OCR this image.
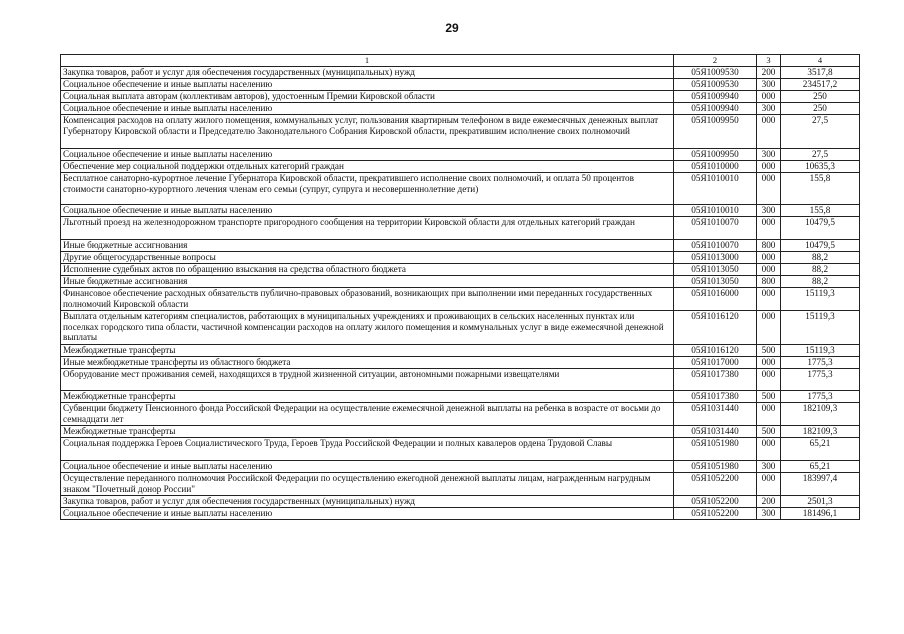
29
1	2	3	4
Закупка товаров, работ и услуг для обеспечения государственных (муниципальных) нужд	05Я1009530	200	3517,8
Социальное обеспечение и иные выплаты населению	05Я1009530	300	234517,2
Социальная выплата авторам (коллективам авторов), удостоенным Премии Кировской области	05Я1009940	000	250
Социальное обеспечение и иные выплаты населению	05Я1009940	300	250
Компенсация расходов на оплату жилого помещения, коммунальных услуг, пользования квартирным телефоном в виде ежемесячных денежных выплат Губернатору Кировской области и Председателю Законодательного Собрания Кировской области, прекратившим исполнение своих полномочий	05Я1009950	000	27,5
Социальное обеспечение и иные выплаты населению	05Я1009950	300	27,5
Обеспечение мер социальной поддержки отдельных категорий граждан	05Я1010000	000	10635,3
Бесплатное санаторно-курортное лечение Губернатора Кировской области, прекратившего исполнение своих полномочий, и оплата 50 процентов стоимости санаторно-курортного лечения членам его семьи (супруг, супруга и несовершеннолетние дети)	05Я1010010	000	155,8
Социальное обеспечение и иные выплаты населению	05Я1010010	300	155,8
Льготный проезд на железнодорожном транспорте пригородного сообщения на территории Кировской области для отдельных категорий граждан	05Я1010070	000	10479,5
Иные бюджетные ассигнования	05Я1010070	800	10479,5
Другие общегосударственные вопросы	05Я1013000	000	88,2
Исполнение судебных актов по обращению взыскания на средства областного бюджета	05Я1013050	000	88,2
Иные бюджетные ассигнования	05Я1013050	800	88,2
Финансовое обеспечение расходных обязательств публично-правовых образований, возникающих при выполнении ими переданных государственных полномочий Кировской области	05Я1016000	000	15119,3
Выплата отдельным категориям специалистов, работающих в муниципальных учреждениях и проживающих в сельских населенных пунктах или поселках городского типа области, частичной компенсации расходов на оплату жилого помещения и коммунальных услуг в виде ежемесячной денежной выплаты	05Я1016120	000	15119,3
Межбюджетные трансферты	05Я1016120	500	15119,3
Иные межбюджетные трансферты из областного бюджета	05Я1017000	000	1775,3
Оборудование мест проживания семей, находящихся в трудной жизненной ситуации, автономными пожарными извещателями	05Я1017380	000	1775,3
Межбюджетные трансферты	05Я1017380	500	1775,3
Субвенции бюджету Пенсионного фонда Российской Федерации на осуществление ежемесячной денежной выплаты на ребенка в возрасте от восьми до семнадцати лет	05Я1031440	000	182109,3
Межбюджетные трансферты	05Я1031440	500	182109,3
Социальная поддержка Героев Социалистического Труда, Героев Труда Российской Федерации и полных кавалеров ордена Трудовой Славы	05Я1051980	000	65,21
Социальное обеспечение и иные выплаты населению	05Я1051980	300	65,21
Осуществление переданного полномочия Российской Федерации по осуществлению ежегодной денежной выплаты лицам, награжденным нагрудным знаком "Почетный донор России"	05Я1052200	000	183997,4
Закупка товаров, работ и услуг для обеспечения государственных (муниципальных) нужд	05Я1052200	200	2501,3
Социальное обеспечение и иные выплаты населению	05Я1052200	300	181496,1
